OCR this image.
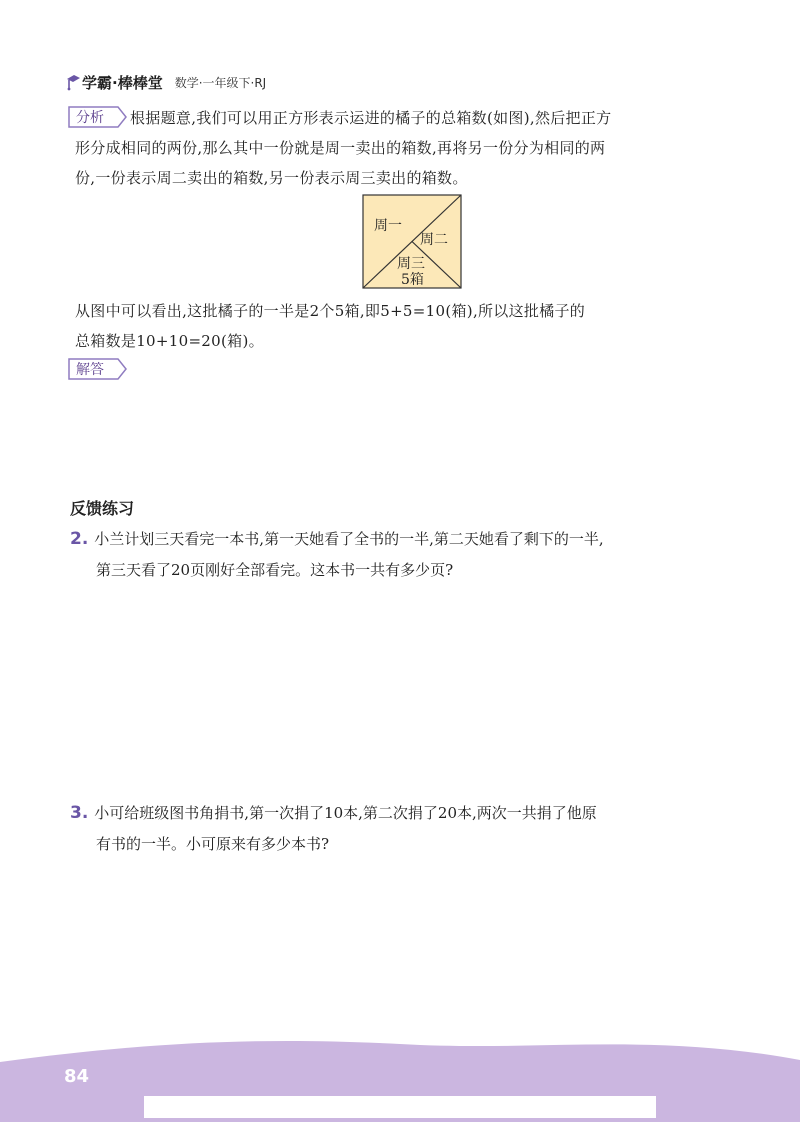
学霸·棒棒堂 数学·一年级下·RJ
分析	根据题意,我们可以用正方形表示运进的橘子的总箱数(如图),然后把正方
形分成相同的两份,那么其中一份就是周一卖出的箱数,再将另一份分为相同的两
份,一份表示周二卖出的箱数,另一份表示周三卖出的箱数。
周一
周二
周三
5箱
从图中可以看出,这批橘子的一半是2个5箱,即5+5=10(箱),所以这批橘子的
总箱数是10+10=20(箱)。
解答
反馈练习
2. 小兰计划三天看完一本书,第一天她看了全书的一半,第二天她看了剩下的一半,
第三天看了20页刚好全部看完。这本书一共有多少页?
3. 小可给班级图书角捐书,第一次捐了10本,第二次捐了20本,两次一共捐了他原
有书的一半。小可原来有多少本书?
84
